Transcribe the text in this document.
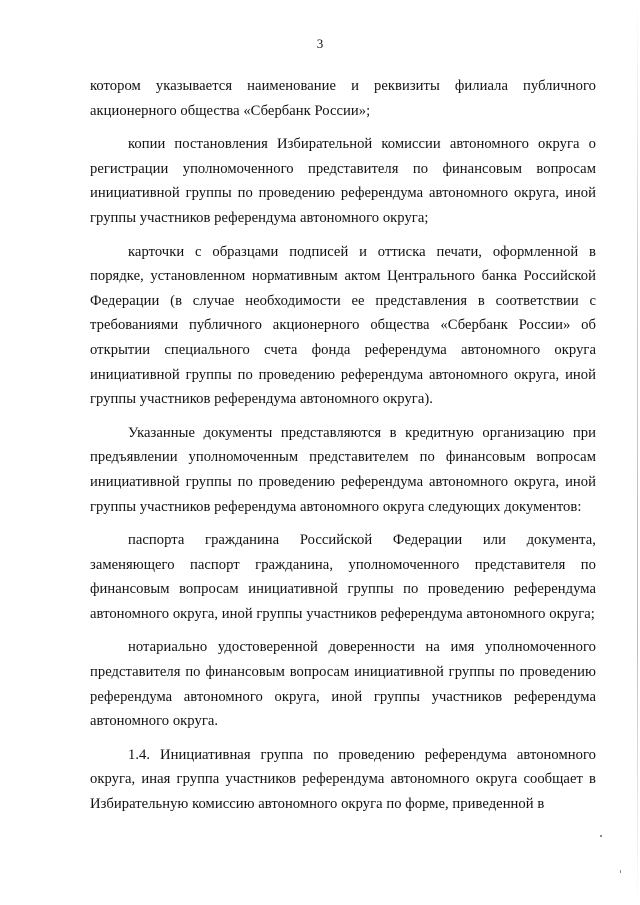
3

котором указывается наименование и реквизиты филиала публичного акционерного общества «Сбербанк России»;

копии постановления Избирательной комиссии автономного округа о регистрации уполномоченного представителя по финансовым вопросам инициативной группы по проведению референдума автономного округа, иной группы участников референдума автономного округа;

карточки с образцами подписей и оттиска печати, оформленной в порядке, установленном нормативным актом Центрального банка Российской Федерации (в случае необходимости ее представления в соответствии с требованиями публичного акционерного общества «Сбербанк России» об открытии специального счета фонда референдума автономного округа инициативной группы по проведению референдума автономного округа, иной группы участников референдума автономного округа).

Указанные документы представляются в кредитную организацию при предъявлении уполномоченным представителем по финансовым вопросам инициативной группы по проведению референдума автономного округа, иной группы участников референдума автономного округа следующих документов:

паспорта гражданина Российской Федерации или документа, заменяющего паспорт гражданина, уполномоченного представителя по финансовым вопросам инициативной группы по проведению референдума автономного округа, иной группы участников референдума автономного округа;

нотариально удостоверенной доверенности на имя уполномоченного представителя по финансовым вопросам инициативной группы по проведению референдума автономного округа, иной группы участников референдума автономного округа.

1.4. Инициативная группа по проведению референдума автономного округа, иная группа участников референдума автономного округа сообщает в Избирательную комиссию автономного округа по форме, приведенной в
